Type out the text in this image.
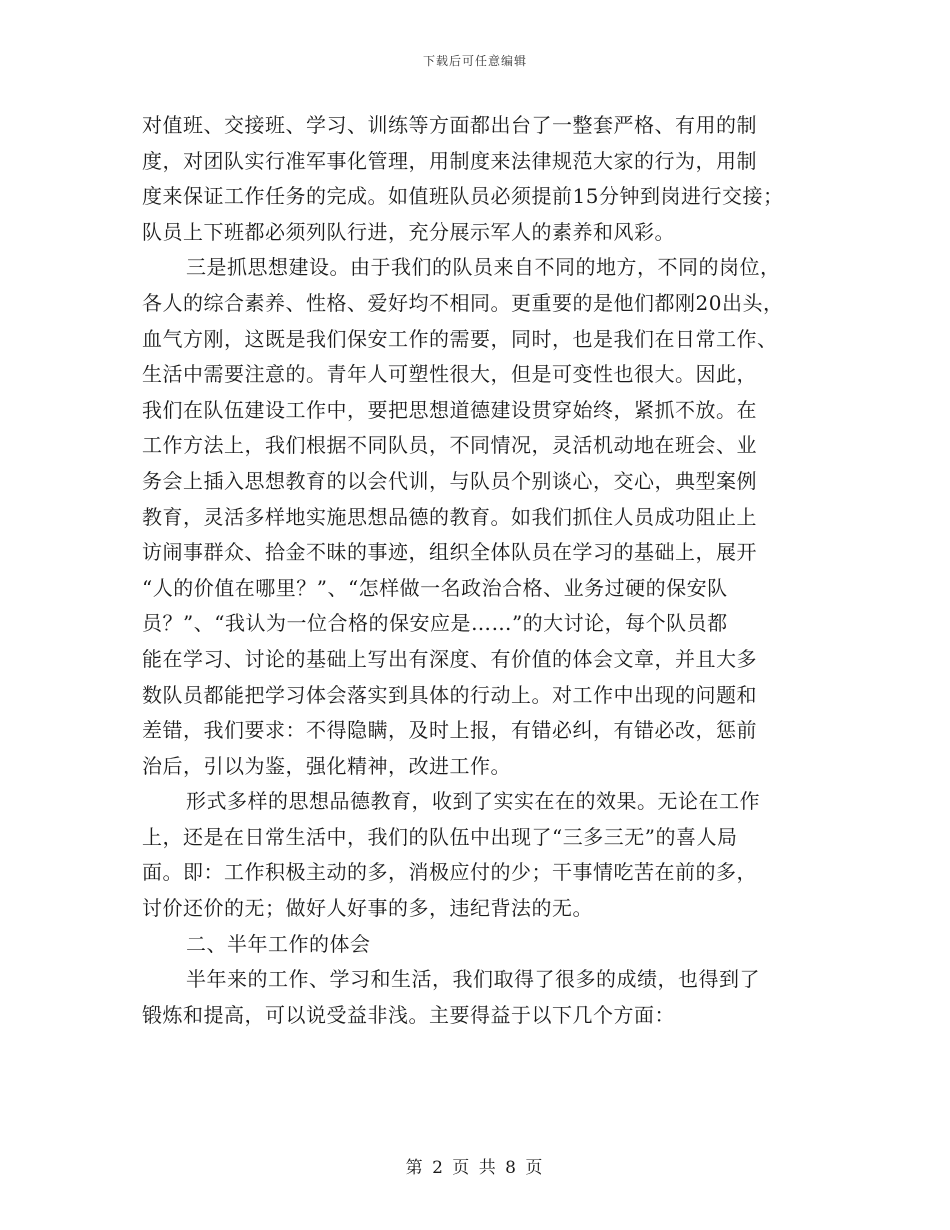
下载后可任意编辑
对值班、交接班、学习、训练等方面都出台了一整套严格、有用的制
度，对团队实行准军事化管理，用制度来法律规范大家的行为，用制
度来保证工作任务的完成。如值班队员必须提前15分钟到岗进行交接；
队员上下班都必须列队行进，充分展示军人的素养和风彩。
三是抓思想建设。由于我们的队员来自不同的地方，不同的岗位，
各人的综合素养、性格、爱好均不相同。更重要的是他们都刚20出头，
血气方刚，这既是我们保安工作的需要，同时，也是我们在日常工作、
生活中需要注意的。青年人可塑性很大，但是可变性也很大。因此，
我们在队伍建设工作中，要把思想道德建设贯穿始终，紧抓不放。在
工作方法上，我们根据不同队员，不同情况，灵活机动地在班会、业
务会上插入思想教育的以会代训，与队员个别谈心，交心，典型案例
教育，灵活多样地实施思想品德的教育。如我们抓住人员成功阻止上
访闹事群众、拾金不昧的事迹，组织全体队员在学习的基础上，展开
“人的价值在哪里？”、“怎样做一名政治合格、业务过硬的保安队
员？”、“我认为一位合格的保安应是……”的大讨论，每个队员都
能在学习、讨论的基础上写出有深度、有价值的体会文章，并且大多
数队员都能把学习体会落实到具体的行动上。对工作中出现的问题和
差错，我们要求：不得隐瞒，及时上报，有错必纠，有错必改，惩前
治后，引以为鉴，强化精神，改进工作。
形式多样的思想品德教育，收到了实实在在的效果。无论在工作
上，还是在日常生活中，我们的队伍中出现了“三多三无”的喜人局
面。即：工作积极主动的多，消极应付的少；干事情吃苦在前的多，
讨价还价的无；做好人好事的多，违纪背法的无。
二、半年工作的体会
半年来的工作、学习和生活，我们取得了很多的成绩，也得到了
锻炼和提高，可以说受益非浅。主要得益于以下几个方面：
第 2 页 共 8 页
